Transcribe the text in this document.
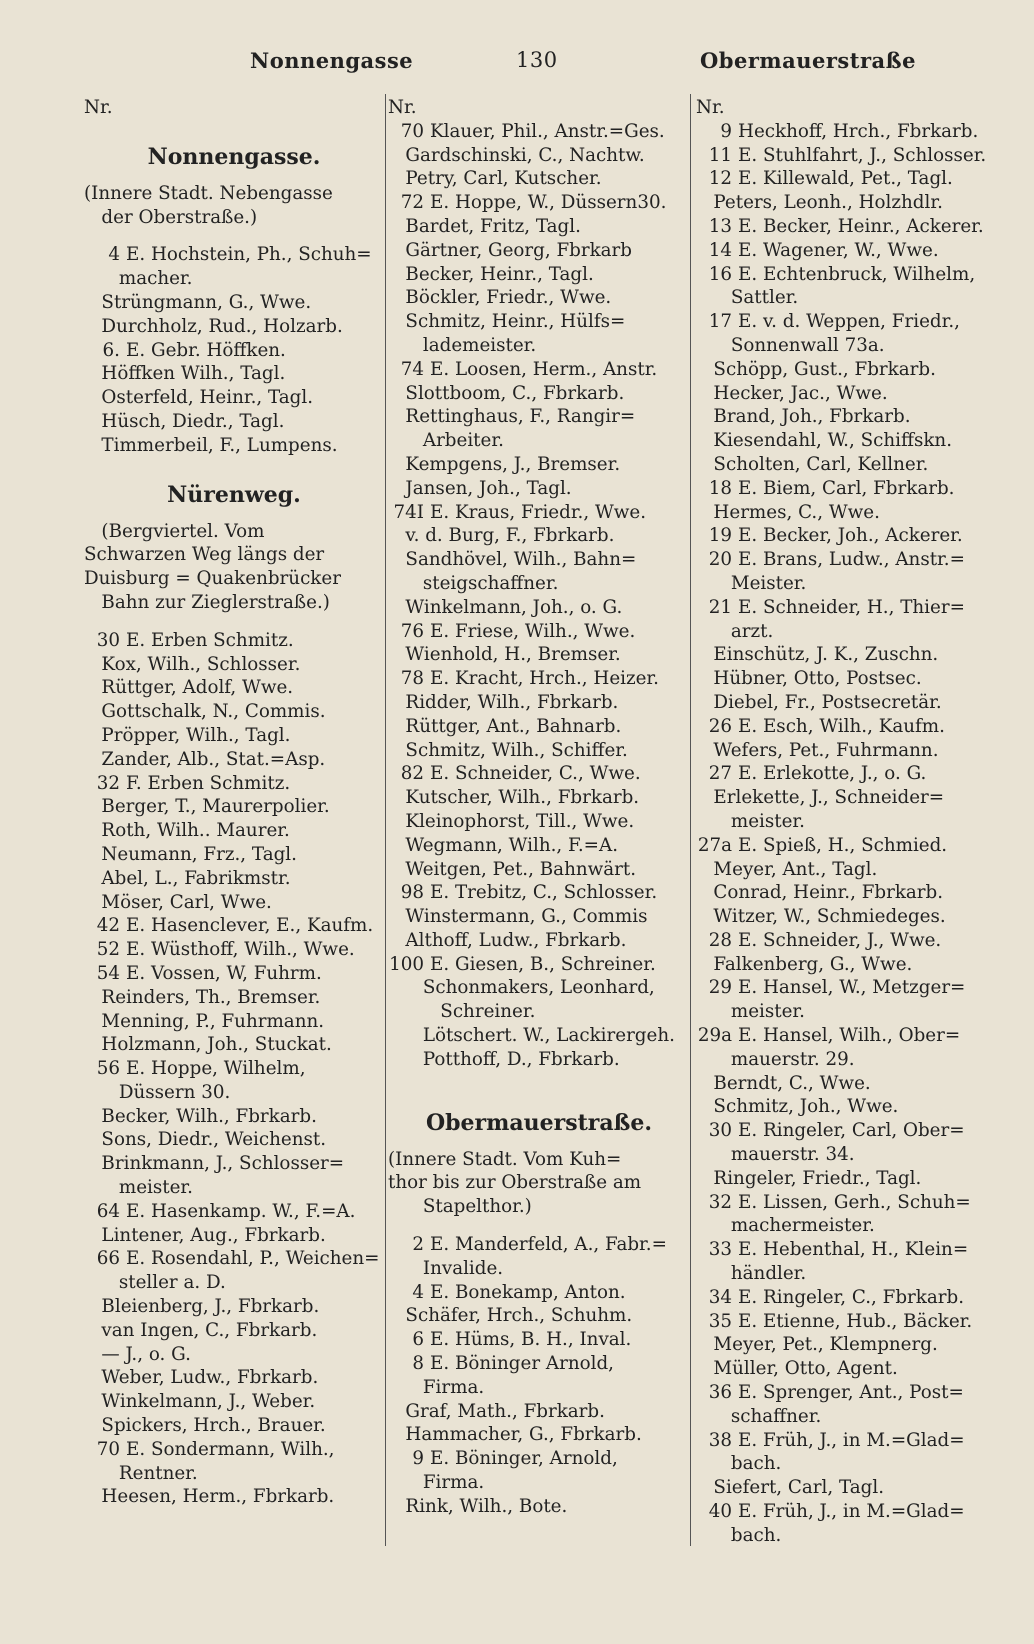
Nonnengasse	130	Obermauerstraße
Nr.
Nonnengasse.
(Innere Stadt. Nebengasse
der Oberstraße.)
4 E. Hochstein, Ph., Schuh=
macher.
Strüngmann, G., Wwe.
Durchholz, Rud., Holzarb.
6. E. Gebr. Höffken.
Höffken Wilh., Tagl.
Osterfeld, Heinr., Tagl.
Hüsch, Diedr., Tagl.
Timmerbeil, F., Lumpens.
Nürenweg.
(Bergviertel. Vom
Schwarzen Weg längs der
Duisburg = Quakenbrücker
Bahn zur Zieglerstraße.)
30 E. Erben Schmitz.
Kox, Wilh., Schlosser.
Rüttger, Adolf, Wwe.
Gottschalk, N., Commis.
Pröpper, Wilh., Tagl.
Zander, Alb., Stat.=Asp.
32 F. Erben Schmitz.
Berger, T., Maurerpolier.
Roth, Wilh.. Maurer.
Neumann, Frz., Tagl.
Abel, L., Fabrikmstr.
Möser, Carl, Wwe.
42 E. Hasenclever, E., Kaufm.
52 E. Wüsthoff, Wilh., Wwe.
54 E. Vossen, W, Fuhrm.
Reinders, Th., Bremser.
Menning, P., Fuhrmann.
Holzmann, Joh., Stuckat.
56 E. Hoppe, Wilhelm,
Düssern 30.
Becker, Wilh., Fbrkarb.
Sons, Diedr., Weichenst.
Brinkmann, J., Schlosser=
meister.
64 E. Hasenkamp. W., F.=A.
Lintener, Aug., Fbrkarb.
66 E. Rosendahl, P., Weichen=
steller a. D.
Bleienberg, J., Fbrkarb.
van Ingen, C., Fbrkarb.
— J., o. G.
Weber, Ludw., Fbrkarb.
Winkelmann, J., Weber.
Spickers, Hrch., Brauer.
70 E. Sondermann, Wilh.,
Rentner.
Heesen, Herm., Fbrkarb.
Nr.
70 Klauer, Phil., Anstr.=Ges.
Gardschinski, C., Nachtw.
Petry, Carl, Kutscher.
72 E. Hoppe, W., Düssern30.
Bardet, Fritz, Tagl.
Gärtner, Georg, Fbrkarb
Becker, Heinr., Tagl.
Böckler, Friedr., Wwe.
Schmitz, Heinr., Hülfs=
lademeister.
74 E. Loosen, Herm., Anstr.
Slottboom, C., Fbrkarb.
Rettinghaus, F., Rangir=
Arbeiter.
Kempgens, J., Bremser.
Jansen, Joh., Tagl.
74I E. Kraus, Friedr., Wwe.
v. d. Burg, F., Fbrkarb.
Sandhövel, Wilh., Bahn=
steigschaffner.
Winkelmann, Joh., o. G.
76 E. Friese, Wilh., Wwe.
Wienhold, H., Bremser.
78 E. Kracht, Hrch., Heizer.
Ridder, Wilh., Fbrkarb.
Rüttger, Ant., Bahnarb.
Schmitz, Wilh., Schiffer.
82 E. Schneider, C., Wwe.
Kutscher, Wilh., Fbrkarb.
Kleinophorst, Till., Wwe.
Wegmann, Wilh., F.=A.
Weitgen, Pet., Bahnwärt.
98 E. Trebitz, C., Schlosser.
Winstermann, G., Commis
Althoff, Ludw., Fbrkarb.
100 E. Giesen, B., Schreiner.
Schonmakers, Leonhard,
Schreiner.
Lötschert. W., Lackirergeh.
Potthoff, D., Fbrkarb.
Obermauerstraße.
(Innere Stadt. Vom Kuh=
thor bis zur Oberstraße am
Stapelthor.)
2 E. Manderfeld, A., Fabr.=
Invalide.
4 E. Bonekamp, Anton.
Schäfer, Hrch., Schuhm.
6 E. Hüms, B. H., Inval.
8 E. Böninger Arnold,
Firma.
Graf, Math., Fbrkarb.
Hammacher, G., Fbrkarb.
9 E. Böninger, Arnold,
Firma.
Rink, Wilh., Bote.
Nr.
9 Heckhoff, Hrch., Fbrkarb.
11 E. Stuhlfahrt, J., Schlosser.
12 E. Killewald, Pet., Tagl.
Peters, Leonh., Holzhdlr.
13 E. Becker, Heinr., Ackerer.
14 E. Wagener, W., Wwe.
16 E. Echtenbruck, Wilhelm,
Sattler.
17 E. v. d. Weppen, Friedr.,
Sonnenwall 73a.
Schöpp, Gust., Fbrkarb.
Hecker, Jac., Wwe.
Brand, Joh., Fbrkarb.
Kiesendahl, W., Schiffskn.
Scholten, Carl, Kellner.
18 E. Biem, Carl, Fbrkarb.
Hermes, C., Wwe.
19 E. Becker, Joh., Ackerer.
20 E. Brans, Ludw., Anstr.=
Meister.
21 E. Schneider, H., Thier=
arzt.
Einschütz, J. K., Zuschn.
Hübner, Otto, Postsec.
Diebel, Fr., Postsecretär.
26 E. Esch, Wilh., Kaufm.
Wefers, Pet., Fuhrmann.
27 E. Erlekotte, J., o. G.
Erlekette, J., Schneider=
meister.
27a E. Spieß, H., Schmied.
Meyer, Ant., Tagl.
Conrad, Heinr., Fbrkarb.
Witzer, W., Schmiedeges.
28 E. Schneider, J., Wwe.
Falkenberg, G., Wwe.
29 E. Hansel, W., Metzger=
meister.
29a E. Hansel, Wilh., Ober=
mauerstr. 29.
Berndt, C., Wwe.
Schmitz, Joh., Wwe.
30 E. Ringeler, Carl, Ober=
mauerstr. 34.
Ringeler, Friedr., Tagl.
32 E. Lissen, Gerh., Schuh=
machermeister.
33 E. Hebenthal, H., Klein=
händler.
34 E. Ringeler, C., Fbrkarb.
35 E. Etienne, Hub., Bäcker.
Meyer, Pet., Klempnerg.
Müller, Otto, Agent.
36 E. Sprenger, Ant., Post=
schaffner.
38 E. Früh, J., in M.=Glad=
bach.
Siefert, Carl, Tagl.
40 E. Früh, J., in M.=Glad=
bach.
